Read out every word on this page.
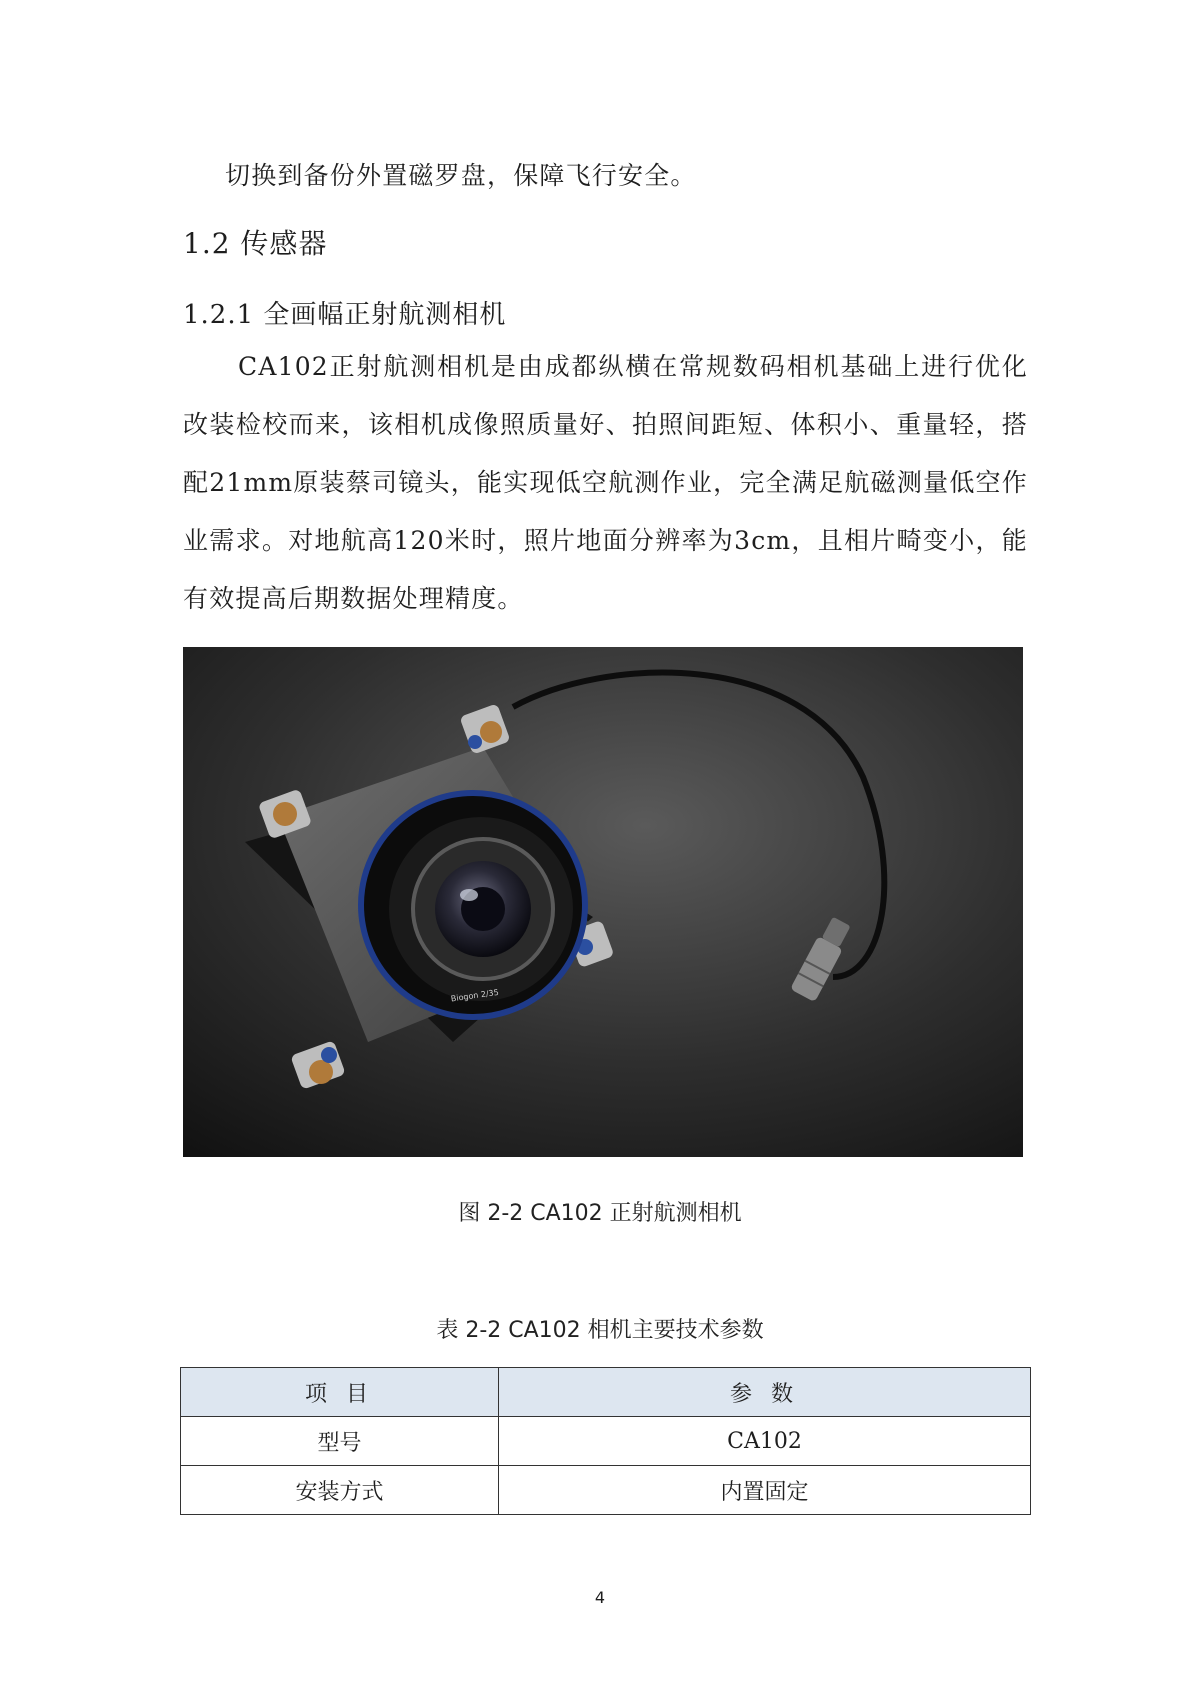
切换到备份外置磁罗盘，保障飞行安全。

1.2 传感器
1.2.1 全画幅正射航测相机

CA102正射航测相机是由成都纵横在常规数码相机基础上进行优化改装检校而来，该相机成像照质量好、拍照间距短、体积小、重量轻，搭配21mm原装蔡司镜头，能实现低空航测作业，完全满足航磁测量低空作业需求。对地航高120米时，照片地面分辨率为3cm，且相片畸变小，能有效提高后期数据处理精度。

Biogon 2/35
图 2-2 CA102 正射航测相机
表 2-2 CA102 相机主要技术参数
项 目	参 数
型号	CA102
安装方式	内置固定
4
